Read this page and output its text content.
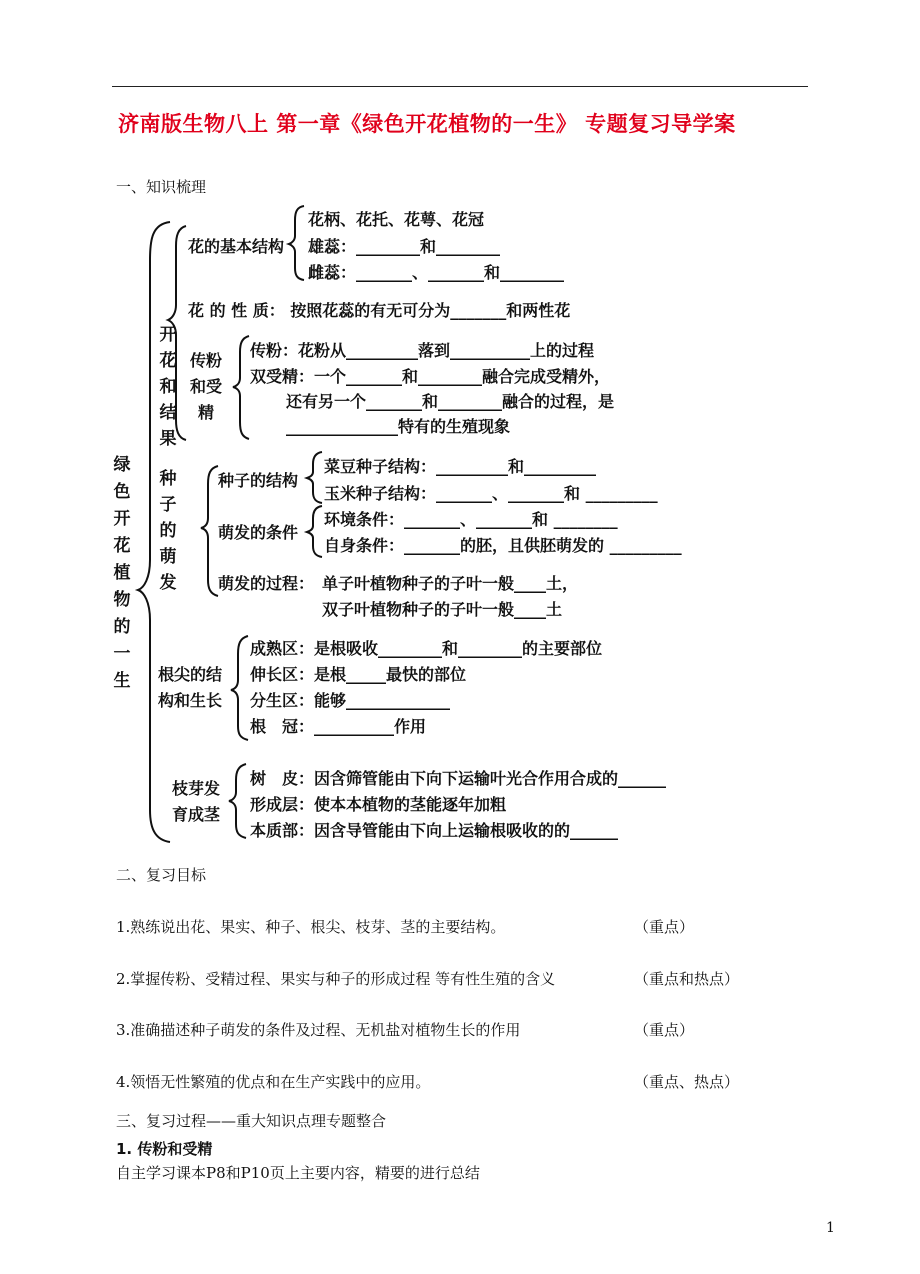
济南版生物八上 第一章《绿色开花植物的一生》 专题复习导学案
一、知识梳理
绿色开花植物的一生
开花和结果
花的基本结构
花柄、花托、花萼、花冠
雄蕊：________和________
雌蕊：_______、_______和________
花 的 性 质： 按照花蕊的有无可分为_______和两性花
传粉和受精
传粉：花粉从_________落到__________上的过程
双受精：一个_______和________融合完成受精外，
还有另一个_______和________融合的过程，是
______________特有的生殖现象
种子的萌发
种子的结构
菜豆种子结构：_________和_________
玉米种子结构：_______、_______和 _________
萌发的条件
环境条件：_______、_______和 ________
自身条件：_______的胚，且供胚萌发的 _________
萌发的过程： 单子叶植物种子的子叶一般____土，
双子叶植物种子的子叶一般____土
根尖的结构和生长
成熟区：是根吸收________和________的主要部位
伸长区：是根_____最快的部位
分生区：能够_____________
根　冠：__________作用
枝芽发育成茎
树　皮：因含筛管能由下向下运输叶光合作用合成的______
形成层：使本本植物的茎能逐年加粗
本质部：因含导管能由下向上运输根吸收的的______
二、复习目标
1.熟练说出花、果实、种子、根尖、枝芽、茎的主要结构。	（重点）
2.掌握传粉、受精过程、果实与种子的形成过程 等有性生殖的含义	（重点和热点）
3.准确描述种子萌发的条件及过程、无机盐对植物生长的作用	（重点）
4.领悟无性繁殖的优点和在生产实践中的应用。	（重点、热点）
三、复习过程——重大知识点理专题整合
1. 传粉和受精
自主学习课本P8和P10页上主要内容，精要的进行总结
1
